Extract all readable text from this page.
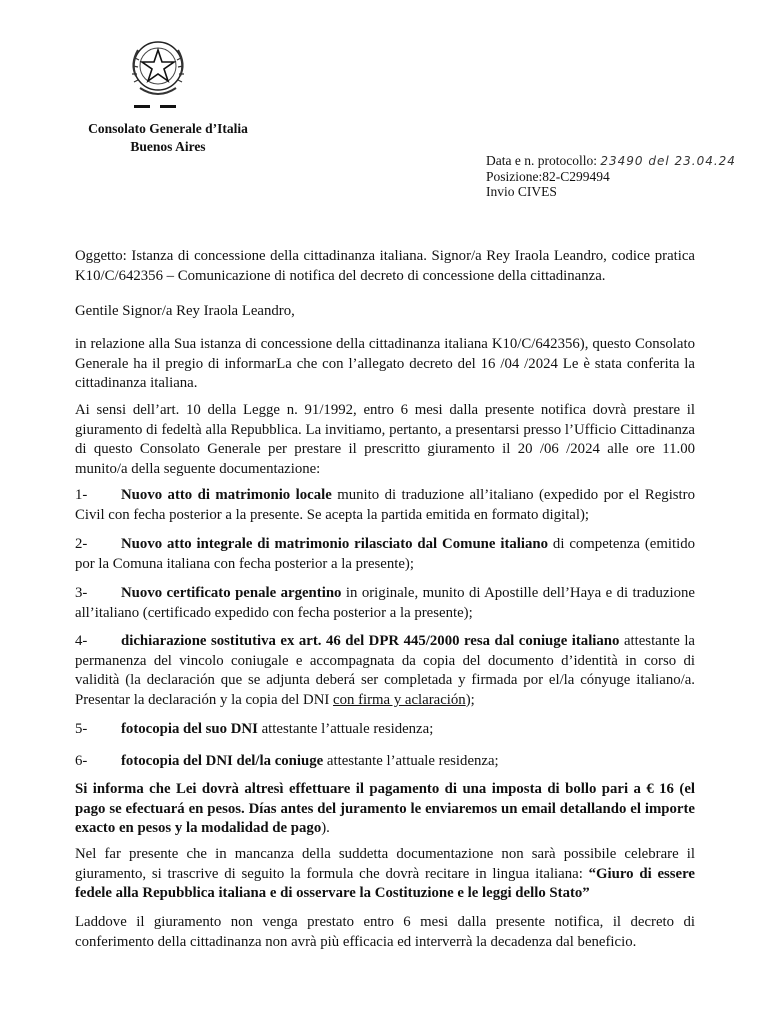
Consolato Generale d’Italia
Buenos Aires
Data e n. protocollo: 23490 del 23.04.24
Posizione:82-C299494
Invio CIVES

Oggetto: Istanza di concessione della cittadinanza italiana. Signor/a Rey Iraola Leandro, codice pratica K10/C/642356 – Comunicazione di notifica del decreto di concessione della cittadinanza.

Gentile Signor/a Rey Iraola Leandro,

in relazione alla Sua istanza di concessione della cittadinanza italiana K10/C/642356), questo Consolato Generale ha il pregio di informarLa che con l’allegato decreto del 16 /04 /2024 Le è stata conferita la cittadinanza italiana.

Ai sensi dell’art. 10 della Legge n. 91/1992, entro 6 mesi dalla presente notifica dovrà prestare il giuramento di fedeltà alla Repubblica. La invitiamo, pertanto, a presentarsi presso l’Ufficio Cittadinanza di questo Consolato Generale per prestare il prescritto giuramento il 20 /06 /2024 alle ore 11.00 munito/a della seguente documentazione:

1- Nuovo atto di matrimonio locale munito di traduzione all’italiano (expedido por el Registro Civil con fecha posterior a la presente. Se acepta la partida emitida en formato digital);
2- Nuovo atto integrale di matrimonio rilasciato dal Comune italiano di competenza (emitido por la Comuna italiana con fecha posterior a la presente);
3- Nuovo certificato penale argentino in originale, munito di Apostille dell’Haya e di traduzione all’italiano (certificado expedido con fecha posterior a la presente);
4- dichiarazione sostitutiva ex art. 46 del DPR 445/2000 resa dal coniuge italiano attestante la permanenza del vincolo coniugale e accompagnata da copia del documento d’identità in corso di validità (la declaración que se adjunta deberá ser completada y firmada por el/la cónyuge italiano/a. Presentar la declaración y la copia del DNI con firma y aclaración);
5- fotocopia del suo DNI attestante l’attuale residenza;
6- fotocopia del DNI del/la coniuge attestante l’attuale residenza;
Si informa che Lei dovrà altresì effettuare il pagamento di una imposta di bollo pari a € 16 (el pago se efectuará en pesos. Días antes del juramento le enviaremos un email detallando el importe exacto en pesos y la modalidad de pago).

Nel far presente che in mancanza della suddetta documentazione non sarà possibile celebrare il giuramento, si trascrive di seguito la formula che dovrà recitare in lingua italiana: “Giuro di essere fedele alla Repubblica italiana e di osservare la Costituzione e le leggi dello Stato”

Laddove il giuramento non venga prestato entro 6 mesi dalla presente notifica, il decreto di conferimento della cittadinanza non avrà più efficacia ed interverrà la decadenza dal beneficio.
